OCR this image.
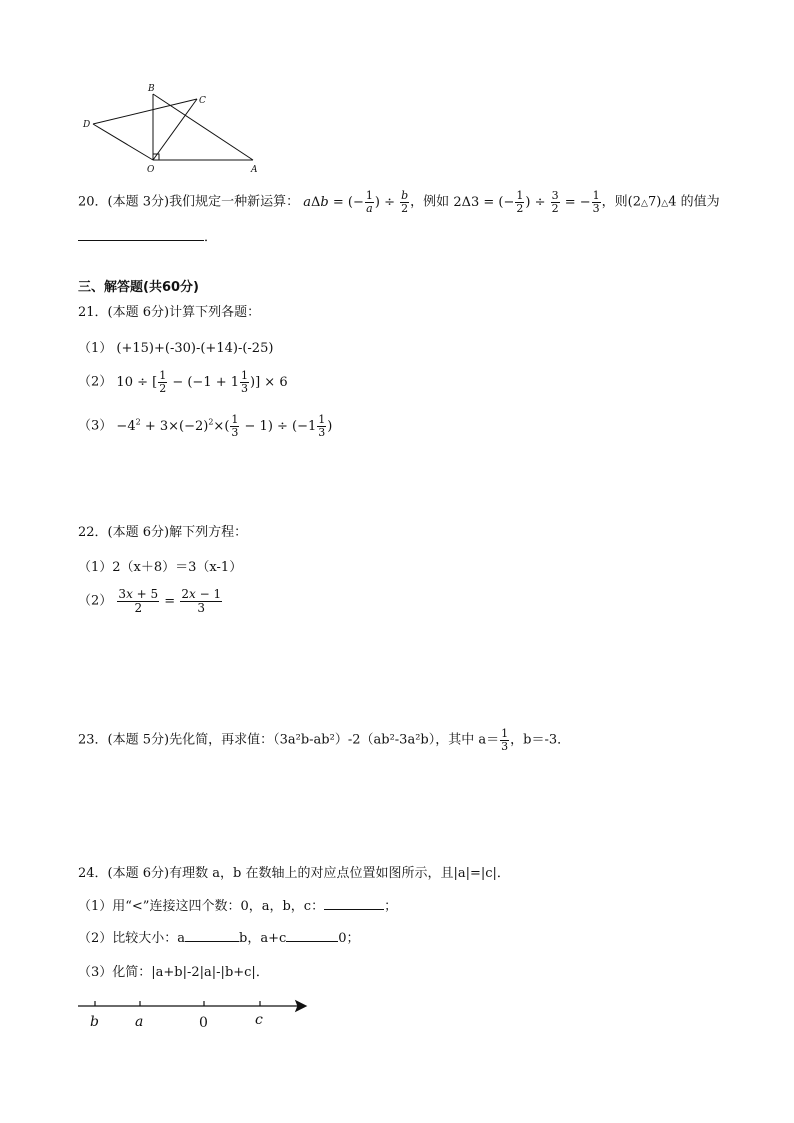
B
C
D
O	A
20．(本题 3分)我们规定一种新运算： aΔb = (− $\frac{1}{a}$ ) ÷ $\frac{b}{2}$ ，例如 2Δ3 = (− $\frac{1}{2}$ ) ÷ $\frac{3}{2}$ = − $\frac{1}{3}$ ，则(2△7)△4 的值为
．
三、解答题(共60分)
21．(本题 6分)计算下列各题：
（1） (+15)+(-30)-(+14)-(-25)
（2） 10 ÷ [ $\frac{1}{2} - (-1 + 1 \frac{1}{3}$ )] × 6
$(3) -4^2 + 3\times(-2)^2\times( \frac{1}{3} - 1) \div (-1 \frac{1}{3}$ )
22．(本题 6分)解下列方程：
（1）2（x＋8）＝3（x-1）
$(2) \frac{3x + 5}{2} = \frac{2x - 1}{3}$
23．(本题 5分)先化简，再求值：（3a²b-ab²）-2（ab²-3a²b），其中 $a= \frac{1}{3}$ ，b＝-3．
24．(本题 6分)有理数 a，b 在数轴上的对应点位置如图所示，且|a|=|c|．
（1）用“<”连接这四个数：0，a，b，c：	；
（2）比较大小：a	b，a+c	0；
（3）化简：|a+b|-2|a|-|b+c|．
b	a	0	c
